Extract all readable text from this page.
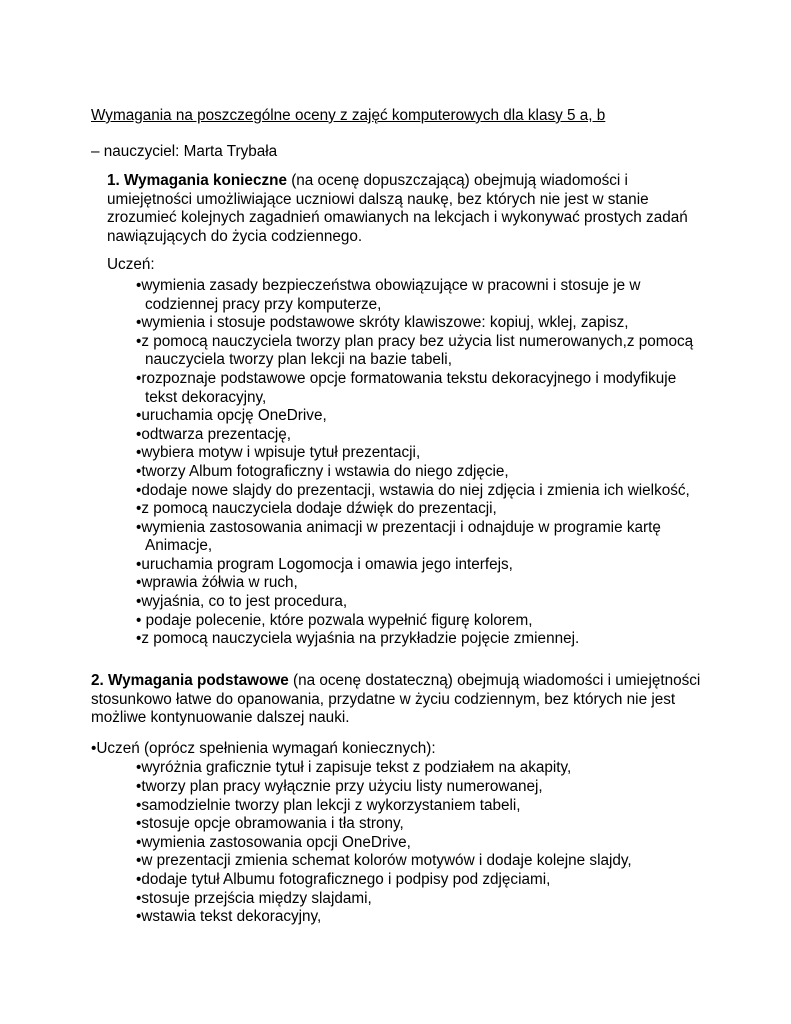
Wymagania na poszczególne oceny z zajęć komputerowych dla klasy 5 a, b
– nauczyciel: Marta Trybała

1. Wymagania konieczne (na ocenę dopuszczającą) obejmują wiadomości i umiejętności umożliwiające uczniowi dalszą naukę, bez których nie jest w stanie zrozumieć kolejnych zagadnień omawianych na lekcjach i wykonywać prostych zadań nawiązujących do życia codziennego.

Uczeń:
•wymienia zasady bezpieczeństwa obowiązujące w pracowni i stosuje je w codziennej pracy przy komputerze,
•wymienia i stosuje podstawowe skróty klawiszowe: kopiuj, wklej, zapisz,
•z pomocą nauczyciela tworzy plan pracy bez użycia list numerowanych,z pomocą nauczyciela tworzy plan lekcji na bazie tabeli,
•rozpoznaje podstawowe opcje formatowania tekstu dekoracyjnego i modyfikuje tekst dekoracyjny,
•uruchamia opcję OneDrive,
•odtwarza prezentację,
•wybiera motyw i wpisuje tytuł prezentacji,
•tworzy Album fotograficzny i wstawia do niego zdjęcie,
•dodaje nowe slajdy do prezentacji, wstawia do niej zdjęcia i zmienia ich wielkość,
•z pomocą nauczyciela dodaje dźwięk do prezentacji,
•wymienia zastosowania animacji w prezentacji i odnajduje w programie kartę Animacje,
•uruchamia program Logomocja i omawia jego interfejs,
•wprawia żółwia w ruch,
•wyjaśnia, co to jest procedura,
• podaje polecenie, które pozwala wypełnić figurę kolorem,
•z pomocą nauczyciela wyjaśnia na przykładzie pojęcie zmiennej.

2. Wymagania podstawowe (na ocenę dostateczną) obejmują wiadomości i umiejętności stosunkowo łatwe do opanowania, przydatne w życiu codziennym, bez których nie jest możliwe kontynuowanie dalszej nauki.

•Uczeń (oprócz spełnienia wymagań koniecznych):
•wyróżnia graficznie tytuł i zapisuje tekst z podziałem na akapity,
•tworzy plan pracy wyłącznie przy użyciu listy numerowanej,
•samodzielnie tworzy plan lekcji z wykorzystaniem tabeli,
•stosuje opcje obramowania i tła strony,
•wymienia zastosowania opcji OneDrive,
•w prezentacji zmienia schemat kolorów motywów i dodaje kolejne slajdy,
•dodaje tytuł Albumu fotograficznego i podpisy pod zdjęciami,
•stosuje przejścia między slajdami,
•wstawia tekst dekoracyjny,
